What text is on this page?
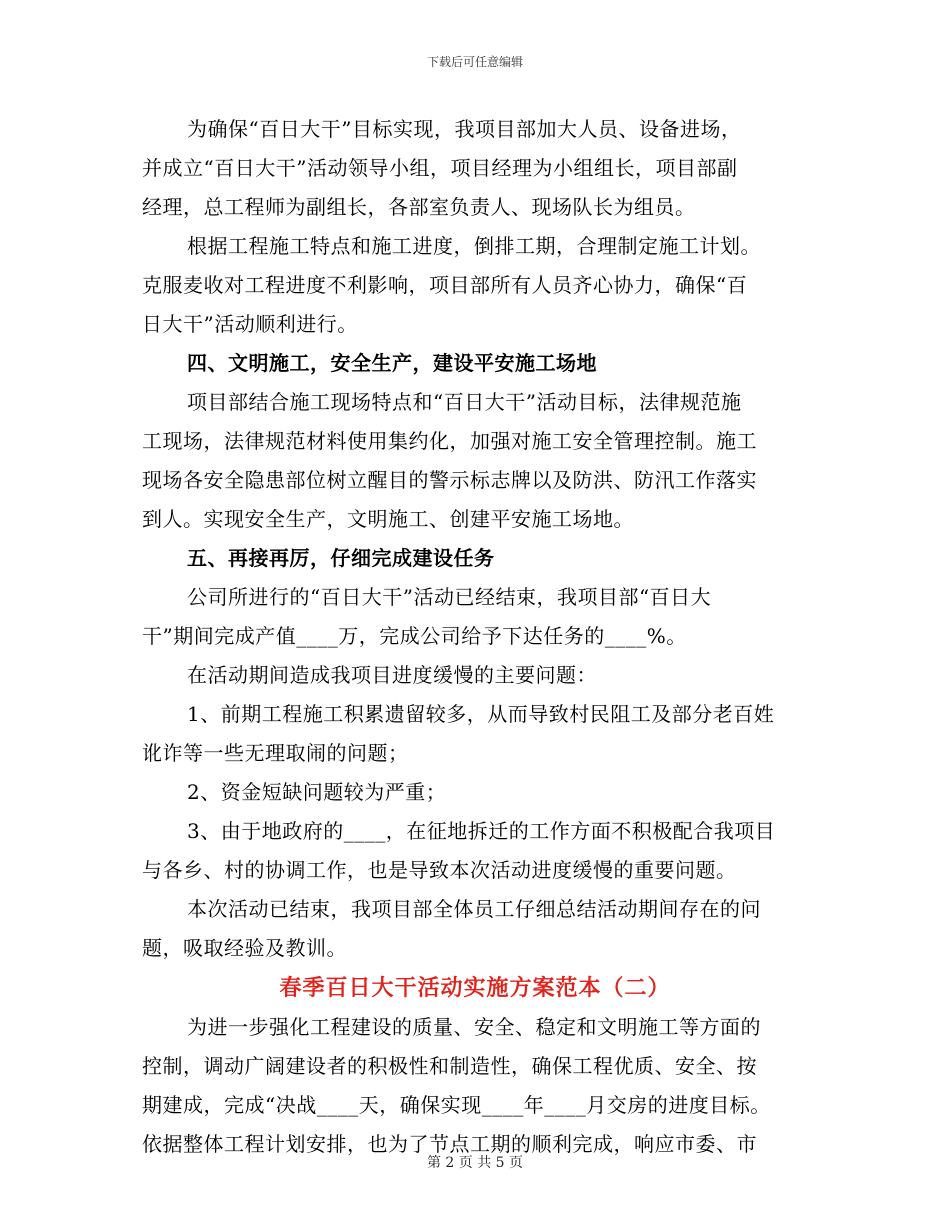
下载后可任意编辑
为确保“百日大干”目标实现，我项目部加大人员、设备进场，
并成立“百日大干”活动领导小组，项目经理为小组组长，项目部副
经理，总工程师为副组长，各部室负责人、现场队长为组员。
根据工程施工特点和施工进度，倒排工期，合理制定施工计划。
克服麦收对工程进度不利影响，项目部所有人员齐心协力，确保“百
日大干”活动顺利进行。
四、文明施工，安全生产，建设平安施工场地
项目部结合施工现场特点和“百日大干”活动目标，法律规范施
工现场，法律规范材料使用集约化，加强对施工安全管理控制。施工
现场各安全隐患部位树立醒目的警示标志牌以及防洪、防汛工作落实
到人。实现安全生产，文明施工、创建平安施工场地。
五、再接再厉，仔细完成建设任务
公司所进行的“百日大干”活动已经结束，我项目部“百日大
干”期间完成产值____万，完成公司给予下达任务的____%。
在活动期间造成我项目进度缓慢的主要问题：
1、前期工程施工积累遗留较多，从而导致村民阻工及部分老百姓
讹诈等一些无理取闹的问题；
2、资金短缺问题较为严重；
3、由于地政府的____，在征地拆迁的工作方面不积极配合我项目
与各乡、村的协调工作，也是导致本次活动进度缓慢的重要问题。
本次活动已结束，我项目部全体员工仔细总结活动期间存在的问
题，吸取经验及教训。
春季百日大干活动实施方案范本（二）
为进一步强化工程建设的质量、安全、稳定和文明施工等方面的
控制，调动广阔建设者的积极性和制造性，确保工程优质、安全、按
期建成，完成“决战____天，确保实现____年____月交房的进度目标。
依据整体工程计划安排，也为了节点工期的顺利完成，响应市委、市
第 2 页 共 5 页
